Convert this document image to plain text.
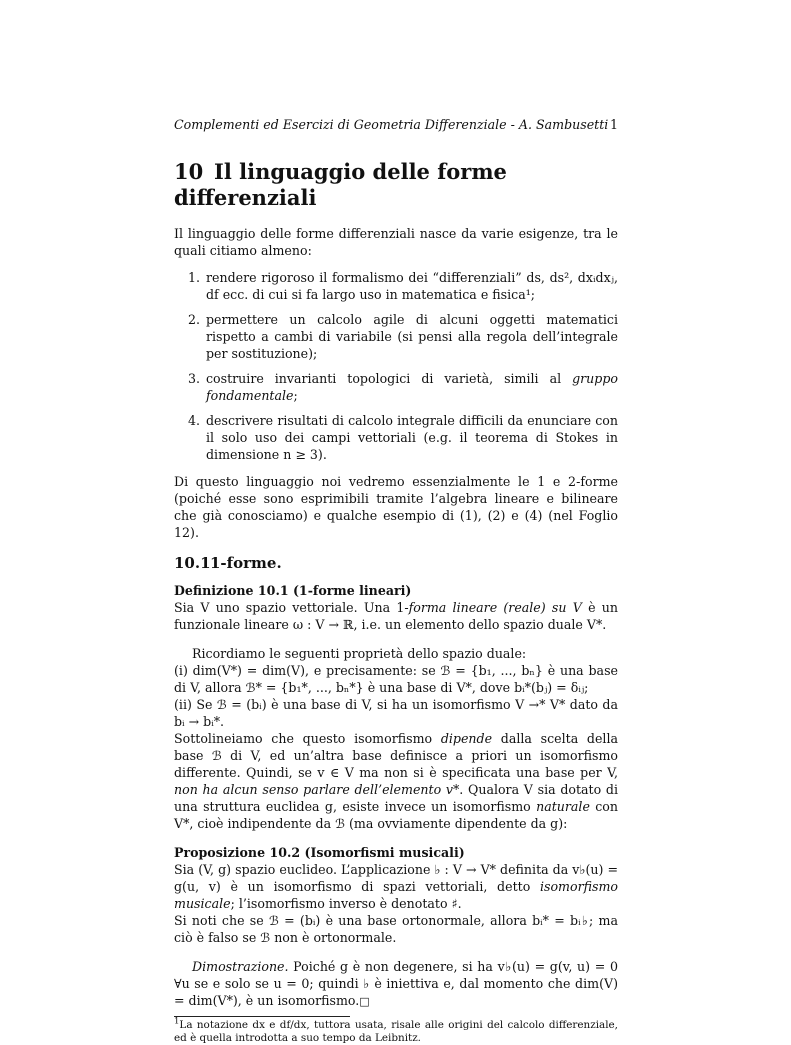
Complementi ed Esercizi di Geometria Differenziale - A. Sambusetti 1
10 Il linguaggio delle forme differenziali

Il linguaggio delle forme differenziali nasce da varie esigenze, tra le quali citiamo almeno:

1. rendere rigoroso il formalismo dei “differenziali” ds, ds², dxᵢdxⱼ, df ecc. di cui si fa largo uso in matematica e fisica¹;
2. permettere un calcolo agile di alcuni oggetti matematici rispetto a cambi di variabile (si pensi alla regola dell’integrale per sostituzione);
3. costruire invarianti topologici di varietà, simili al gruppo fondamentale;
4. descrivere risultati di calcolo integrale difficili da enunciare con il solo uso dei campi vettoriali (e.g. il teorema di Stokes in dimensione n ≥ 3).

Di questo linguaggio noi vedremo essenzialmente le 1 e 2-forme (poiché esse sono esprimibili tramite l’algebra lineare e bilineare che già conosciamo) e qualche esempio di (1), (2) e (4) (nel Foglio 12).

10.11-forme.
Definizione 10.1 (1-forme lineari)

Sia V uno spazio vettoriale. Una 1-forma lineare (reale) su V è un funzionale lineare ω : V → ℝ, i.e. un elemento dello spazio duale V*.

Ricordiamo le seguenti proprietà dello spazio duale:

(i) dim(V*) = dim(V), e precisamente: se ℬ = {b₁, ..., bₙ} è una base di V, allora ℬ* = {b₁*, ..., bₙ*} è una base di V*, dove bᵢ*(bⱼ) = δᵢⱼ;

(ii) Se ℬ = (bᵢ) è una base di V, si ha un isomorfismo V →* V* dato da bᵢ → bᵢ*.

Sottolineiamo che questo isomorfismo dipende dalla scelta della base ℬ di V, ed un’altra base definisce a priori un isomorfismo differente. Quindi, se v ∈ V ma non si è specificata una base per V, non ha alcun senso parlare dell’elemento v*. Qualora V sia dotato di una struttura euclidea g, esiste invece un isomorfismo naturale con V*, cioè indipendente da ℬ (ma ovviamente dipendente da g):

Proposizione 10.2 (Isomorfismi musicali)

Sia (V, g) spazio euclideo. L’applicazione ♭ : V → V* definita da v♭(u) = g(u, v) è un isomorfismo di spazi vettoriali, detto isomorfismo musicale; l’isomorfismo inverso è denotato ♯.

Si noti che se ℬ = (bᵢ) è una base ortonormale, allora bᵢ* = bᵢ♭; ma ciò è falso se ℬ non è ortonormale.

Dimostrazione. Poiché g è non degenere, si ha v♭(u) = g(v, u) = 0 ∀u se e solo se u = 0; quindi ♭ è iniettiva e, dal momento che dim(V) = dim(V*), è un isomorfismo.□

$^1$La notazione dx e df/dx, tuttora usata, risale alle origini del calcolo differenziale, ed è quella introdotta a suo tempo da Leibnitz.
